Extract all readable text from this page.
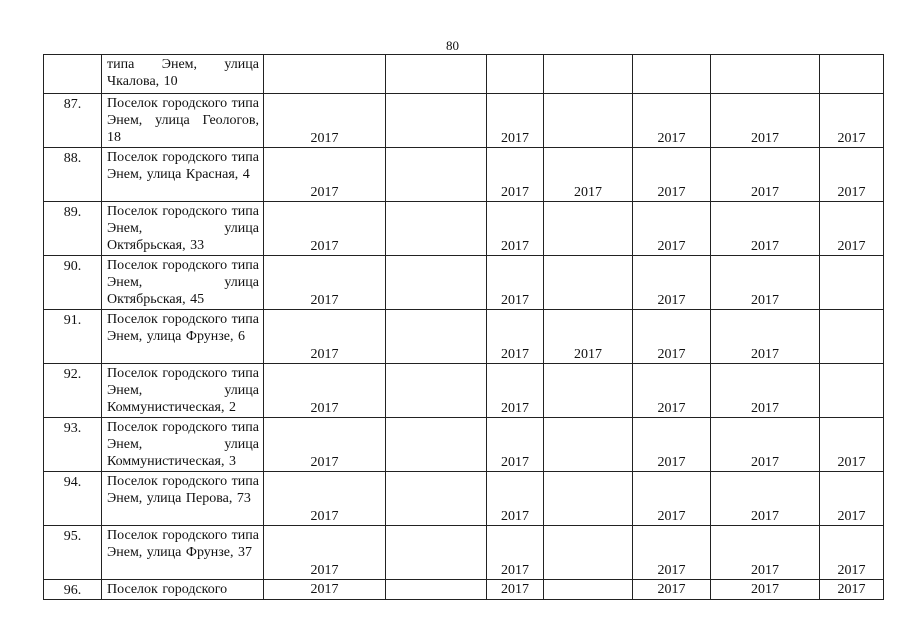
80
	типа Энем, улица Чкалова, 10							
87.	Поселок городского типа Энем, улица Геологов, 18	2017		2017		2017	2017	2017
88.	Поселок городского типа Энем, улица Красная, 4	2017		2017	2017	2017	2017	2017
89.	Поселок городского типа Энем, улица Октябрьская, 33	2017		2017		2017	2017	2017
90.	Поселок городского типа Энем, улица Октябрьская, 45	2017		2017		2017	2017	
91.	Поселок городского типа Энем, улица Фрунзе, 6	2017		2017	2017	2017	2017	
92.	Поселок городского типа Энем, улица Коммунистическая, 2	2017		2017		2017	2017	
93.	Поселок городского типа Энем, улица Коммунистическая, 3	2017		2017		2017	2017	2017
94.	Поселок городского типа Энем, улица Перова, 73	2017		2017		2017	2017	2017
95.	Поселок городского типа Энем, улица Фрунзе, 37	2017		2017		2017	2017	2017
96.	Поселок городского	2017		2017		2017	2017	2017
